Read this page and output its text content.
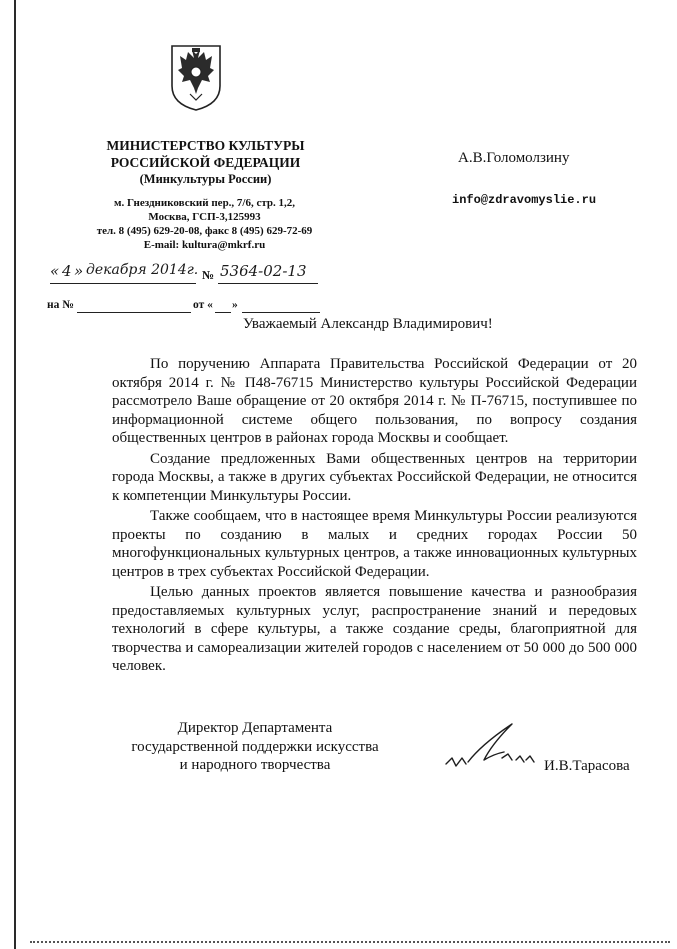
МИНИСТЕРСТВО КУЛЬТУРЫ
РОССИЙСКОЙ ФЕДЕРАЦИИ
(Минкультуры России)
м. Гнездниковский пер., 7/6, стр. 1,2,
Москва, ГСП-3,125993
тел. 8 (495) 629-20-08, факс 8 (495) 629-72-69
E-mail: kultura@mkrf.ru
А.В.Голомолзину
info@zdravomyslie.ru
« 4 » декабря 2014г. № 5364-02-13
на №	от « »
Уважаемый Александр Владимирович!

По поручению Аппарата Правительства Российской Федерации от 20 октября 2014 г. № П48-76715 Министерство культуры Российской Федерации рассмотрело Ваше обращение от 20 октября 2014 г. № П-76715, поступившее по информационной системе общего пользования, по вопросу создания общественных центров в районах города Москвы и сообщает.

Создание предложенных Вами общественных центров на территории города Москвы, а также в других субъектах Российской Федерации, не относится к компетенции Минкультуры России.

Также сообщаем, что в настоящее время Минкультуры России реализуются проекты по созданию в малых и средних городах России 50 многофункциональных культурных центров, а также инновационных культурных центров в трех субъектах Российской Федерации.

Целью данных проектов является повышение качества и разнообразия предоставляемых культурных услуг, распространение знаний и передовых технологий в сфере культуры, а также создание среды, благоприятной для творчества и самореализации жителей городов с населением от 50 000 до 500 000 человек.

Директор Департамента
государственной поддержки искусства
и народного творчества	И.В.Тарасова
